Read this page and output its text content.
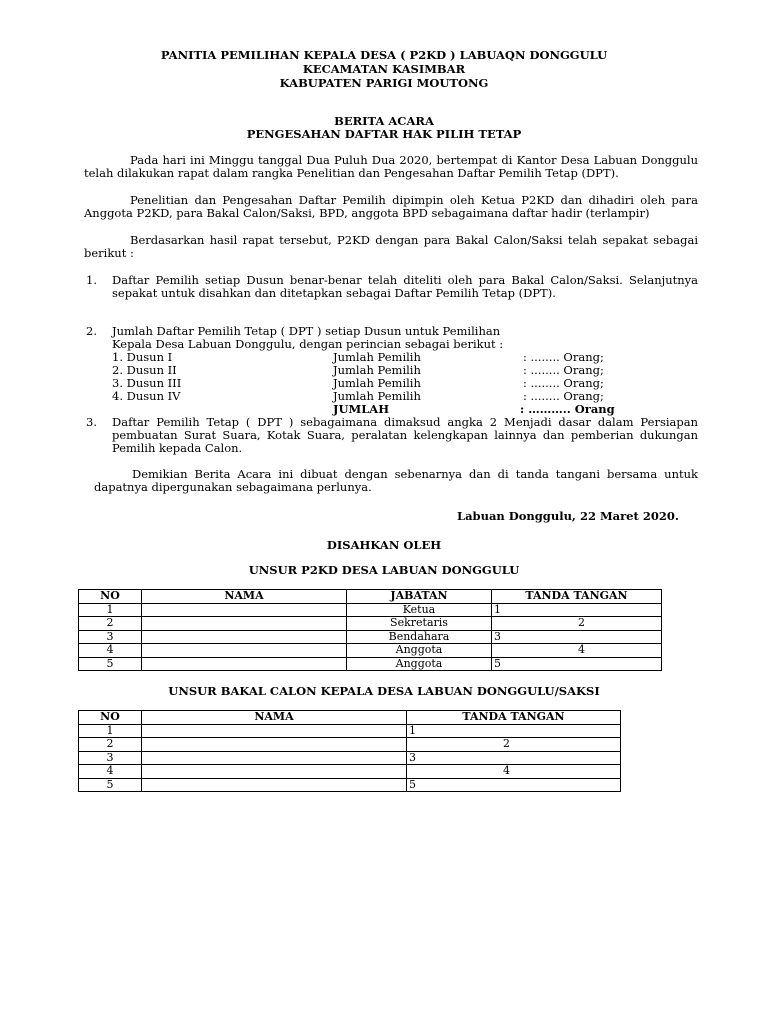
PANITIA PEMILIHAN KEPALA DESA ( P2KD ) LABUAQN DONGGULU
KECAMATAN KASIMBAR
KABUPATEN PARIGI MOUTONG
BERITA ACARA
PENGESAHAN DAFTAR HAK PILIH TETAP
Pada hari ini Minggu tanggal Dua Puluh Dua 2020, bertempat di Kantor Desa Labuan Donggulu telah dilakukan rapat dalam rangka Penelitian dan Pengesahan Daftar Pemilih Tetap (DPT).
Penelitian dan Pengesahan Daftar Pemilih dipimpin oleh Ketua P2KD dan dihadiri oleh para Anggota P2KD, para Bakal Calon/Saksi, BPD, anggota BPD sebagaimana daftar hadir (terlampir)
Berdasarkan hasil rapat tersebut, P2KD dengan para Bakal Calon/Saksi telah sepakat sebagai berikut :
1. Daftar Pemilih setiap Dusun benar-benar telah diteliti oleh para Bakal Calon/Saksi. Selanjutnya sepakat untuk disahkan dan ditetapkan sebagai Daftar Pemilih Tetap (DPT).
2. Jumlah Daftar Pemilih Tetap ( DPT ) setiap Dusun untuk Pemilihan
Kepala Desa Labuan Donggulu, dengan perincian sebagai berikut :
1. Dusun I	Jumlah Pemilih	: ........ Orang;
2. Dusun II	Jumlah Pemilih	: ........ Orang;
3. Dusun III	Jumlah Pemilih	: ........ Orang;
4. Dusun IV	Jumlah Pemilih	: ........ Orang;
JUMLAH	: ……….. Orang
3. Daftar Pemilih Tetap ( DPT ) sebagaimana dimaksud angka 2 Menjadi dasar dalam Persiapan pembuatan Surat Suara, Kotak Suara, peralatan kelengkapan lainnya dan pemberian dukungan Pemilih kepada Calon.
Demikian Berita Acara ini dibuat dengan sebenarnya dan di tanda tangani bersama untuk dapatnya dipergunakan sebagaimana perlunya.
Labuan Donggulu, 22 Maret 2020.
DISAHKAN OLEH
UNSUR P2KD DESA LABUAN DONGGULU
NO	NAMA	JABATAN	TANDA TANGAN	
1		Ketua	1	
2		Sekretaris		2
3		Bendahara	3	
4		Anggota		4
5		Anggota	5	
UNSUR BAKAL CALON KEPALA DESA LABUAN DONGGULU/SAKSI
NO	NAMA	TANDA TANGAN	
1		1	
2			2
3		3	
4			4
5		5	
